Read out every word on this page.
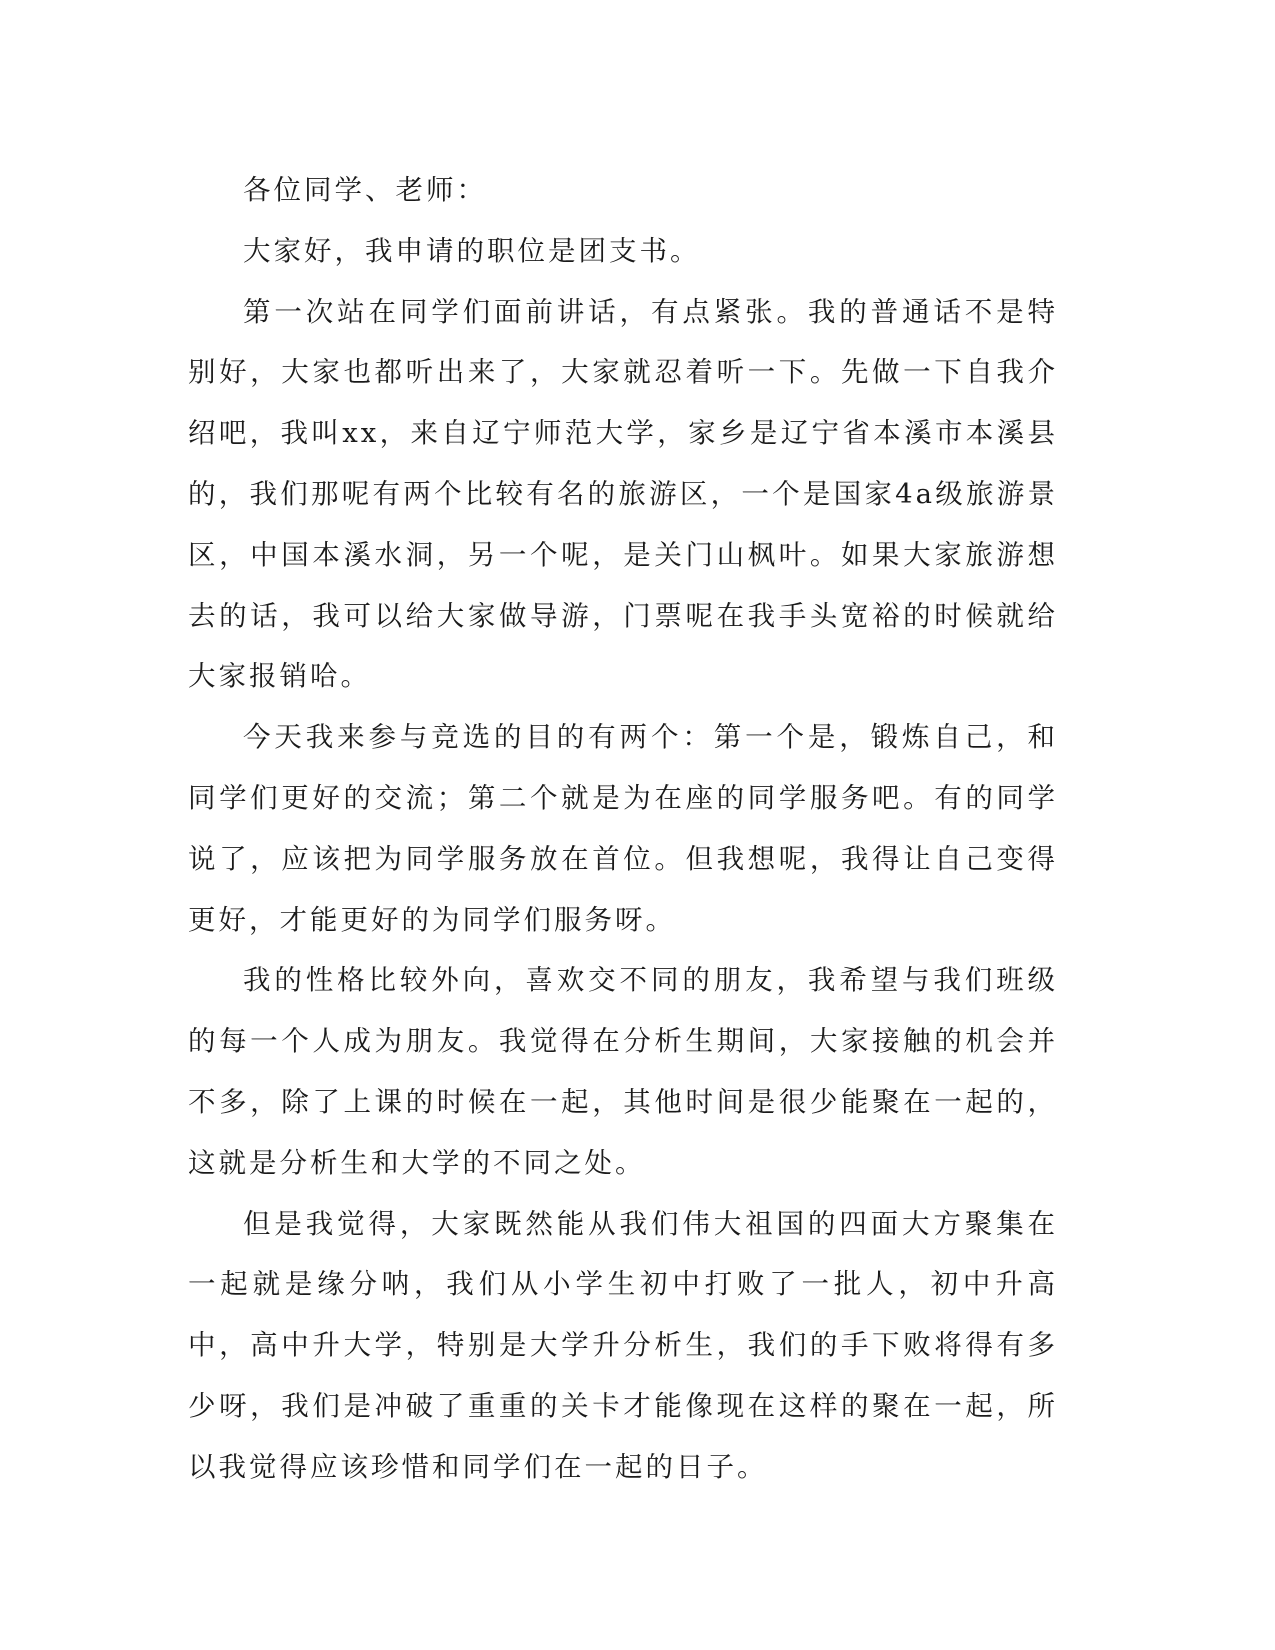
各位同学、老师：

大家好，我申请的职位是团支书。

第一次站在同学们面前讲话，有点紧张。我的普通话不是特别好，大家也都听出来了，大家就忍着听一下。先做一下自我介绍吧，我叫xx，来自辽宁师范大学，家乡是辽宁省本溪市本溪县的，我们那呢有两个比较有名的旅游区，一个是国家4a级旅游景区，中国本溪水洞，另一个呢，是关门山枫叶。如果大家旅游想去的话，我可以给大家做导游，门票呢在我手头宽裕的时候就给大家报销哈。

今天我来参与竞选的目的有两个：第一个是，锻炼自己，和同学们更好的交流；第二个就是为在座的同学服务吧。有的同学说了，应该把为同学服务放在首位。但我想呢，我得让自己变得更好，才能更好的为同学们服务呀。

我的性格比较外向，喜欢交不同的朋友，我希望与我们班级的每一个人成为朋友。我觉得在分析生期间，大家接触的机会并不多，除了上课的时候在一起，其他时间是很少能聚在一起的，这就是分析生和大学的不同之处。

但是我觉得，大家既然能从我们伟大祖国的四面大方聚集在一起就是缘分呐，我们从小学生初中打败了一批人，初中升高中，高中升大学，特别是大学升分析生，我们的手下败将得有多少呀，我们是冲破了重重的关卡才能像现在这样的聚在一起，所以我觉得应该珍惜和同学们在一起的日子。
